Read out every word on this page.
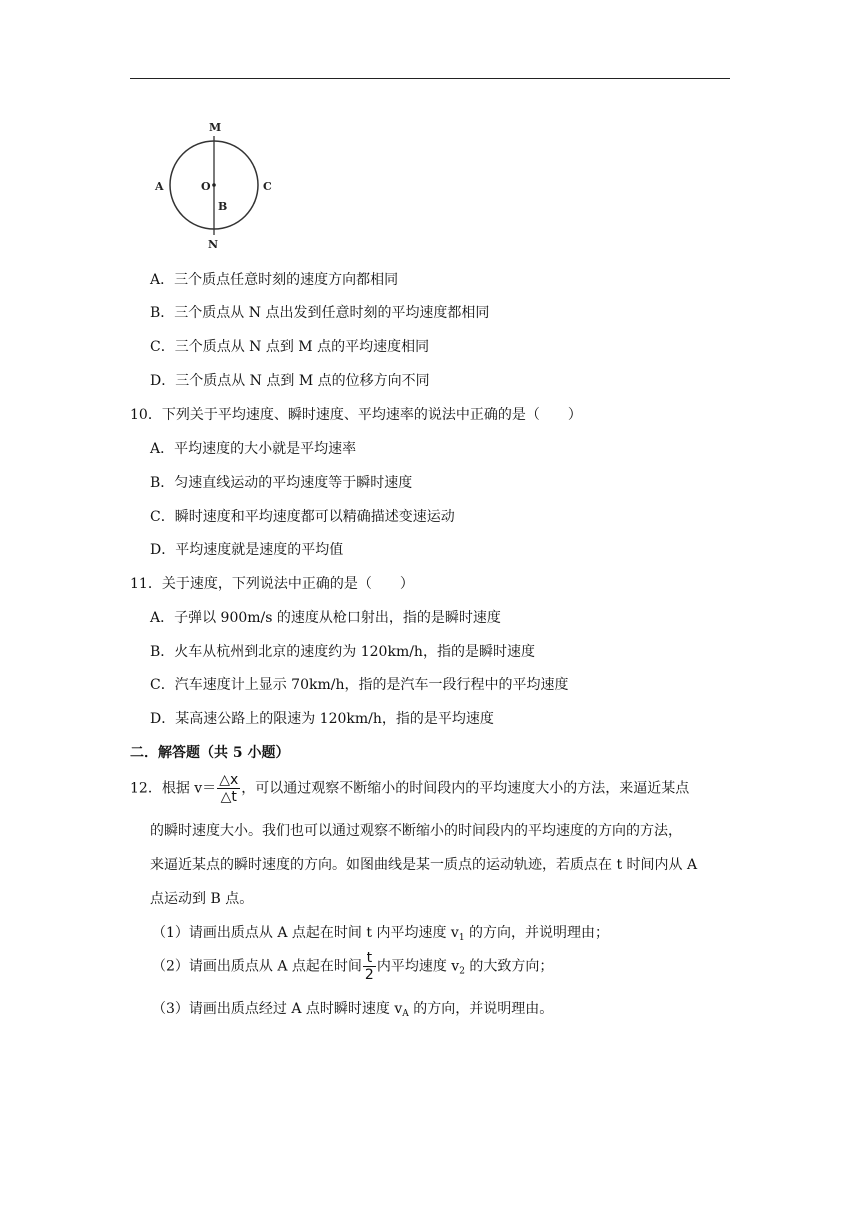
M
N
A	C
O
B
A．三个质点任意时刻的速度方向都相同
B．三个质点从 N 点出发到任意时刻的平均速度都相同
C．三个质点从 N 点到 M 点的平均速度相同
D．三个质点从 N 点到 M 点的位移方向不同
10．下列关于平均速度、瞬时速度、平均速率的说法中正确的是（　　）
A．平均速度的大小就是平均速率
B．匀速直线运动的平均速度等于瞬时速度
C．瞬时速度和平均速度都可以精确描述变速运动
D．平均速度就是速度的平均值
11．关于速度，下列说法中正确的是（　　）
A．子弹以 900m/s 的速度从枪口射出，指的是瞬时速度
B．火车从杭州到北京的速度约为 120km/h，指的是瞬时速度
C．汽车速度计上显示 70km/h，指的是汽车一段行程中的平均速度
D．某高速公路上的限速为 120km/h，指的是平均速度
二．解答题（共 5 小题）
12．根据 $v= \frac{\triangle x}{\triangle t}$ ，可以通过观察不断缩小的时间段内的平均速度大小的方法，来逼近某点
的瞬时速度大小。我们也可以通过观察不断缩小的时间段内的平均速度的方向的方法，
来逼近某点的瞬时速度的方向。如图曲线是某一质点的运动轨迹，若质点在 t 时间内从 A
点运动到 B 点。
（1）请画出质点从 A 点起在时间 t 内平均速度 $v_1$ 的方向，并说明理由；
（2）请画出质点从 A 点起在时间 $\frac{t}{2}$ 内平均速度 $v_2$ 的大致方向；
（3）请画出质点经过 A 点时瞬时速度 $v_A$ 的方向，并说明理由。
